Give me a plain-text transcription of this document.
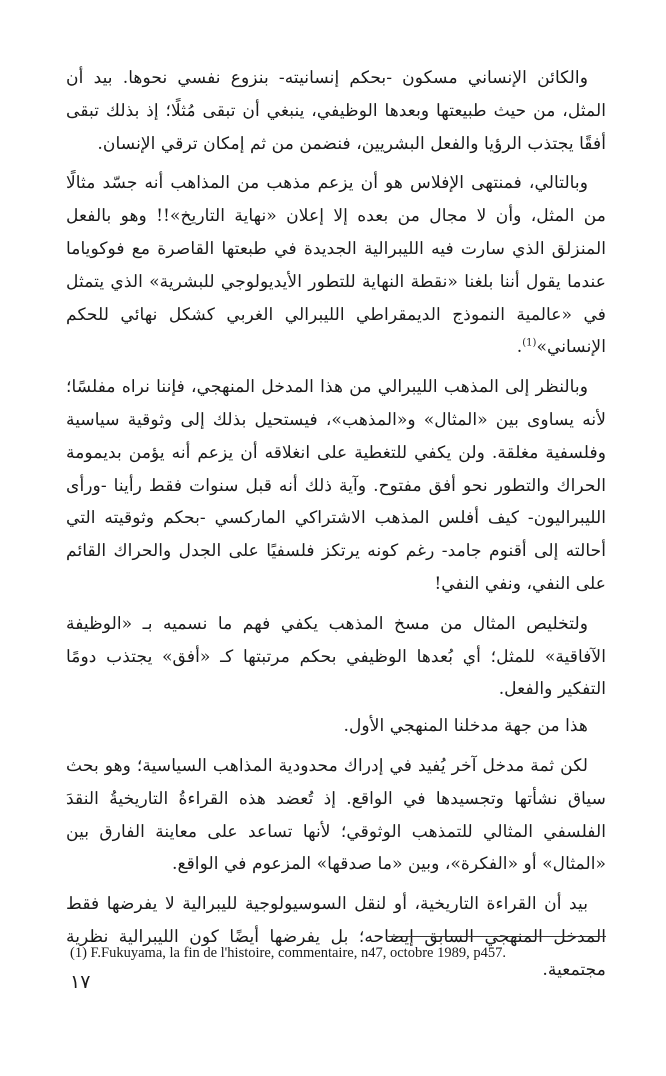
والكائن الإنساني مسكون -بحكم إنسانيته- بنزوع نفسي نحوها. بيد أن المثل، من حيث طبيعتها وبعدها الوظيفي، ينبغي أن تبقى مُثلًا؛ إذ بذلك تبقى أفقًا يجتذب الرؤيا والفعل البشريين، فنضمن من ثم إمكان ترقي الإنسان.

وبالتالي، فمنتهى الإفلاس هو أن يزعم مذهب من المذاهب أنه جسّد مثالًا من المثل، وأن لا مجال من بعده إلا إعلان «نهاية التاريخ»!! وهو بالفعل المنزلق الذي سارت فيه الليبرالية الجديدة في طبعتها القاصرة مع فوكوياما عندما يقول أننا بلغنا «نقطة النهاية للتطور الأيديولوجي للبشرية» الذي يتمثل في «عالمية النموذج الديمقراطي الليبرالي الغربي كشكل نهائي للحكم الإنساني»$^{(1)}$.

وبالنظر إلى المذهب الليبرالي من هذا المدخل المنهجي، فإننا نراه مفلسًا؛ لأنه يساوى بين «المثال» و«المذهب»، فيستحيل بذلك إلى وثوقية سياسية وفلسفية مغلقة. ولن يكفي للتغطية على انغلاقه أن يزعم أنه يؤمن بديمومة الحراك والتطور نحو أفق مفتوح. وآية ذلك أنه قبل سنوات فقط رأينا -ورأى الليبراليون- كيف أفلس المذهب الاشتراكي الماركسي -بحكم وثوقيته التي أحالته إلى أقنوم جامد- رغم كونه يرتكز فلسفيًا على الجدل والحراك القائم على النفي، ونفي النفي!

ولتخليص المثال من مسخ المذهب يكفي فهم ما نسميه بـ «الوظيفة الآفاقية» للمثل؛ أي بُعدها الوظيفي بحكم مرتبتها كـ «أفق» يجتذب دومًا التفكير والفعل.

هذا من جهة مدخلنا المنهجي الأول.

لكن ثمة مدخل آخر يُفيد في إدراك محدودية المذاهب السياسية؛ وهو بحث سياق نشأتها وتجسيدها في الواقع. إذ تُعضد هذه القراءةُ التاريخيةُ النقدَ الفلسفي المثالي للتمذهب الوثوقي؛ لأنها تساعد على معاينة الفارق بين «المثال» أو «الفكرة»، وبين «ما صدقها» المزعوم في الواقع.

بيد أن القراءة التاريخية، أو لنقل السوسيولوجية لليبرالية لا يفرضها فقط المدخل المنهجي السابق إيضاحه؛ بل يفرضها أيضًا كون الليبرالية نظرية مجتمعية.

(1) F.Fukuyama, la fin de l'histoire, commentaire, n47, octobre 1989, p457.
١٧
